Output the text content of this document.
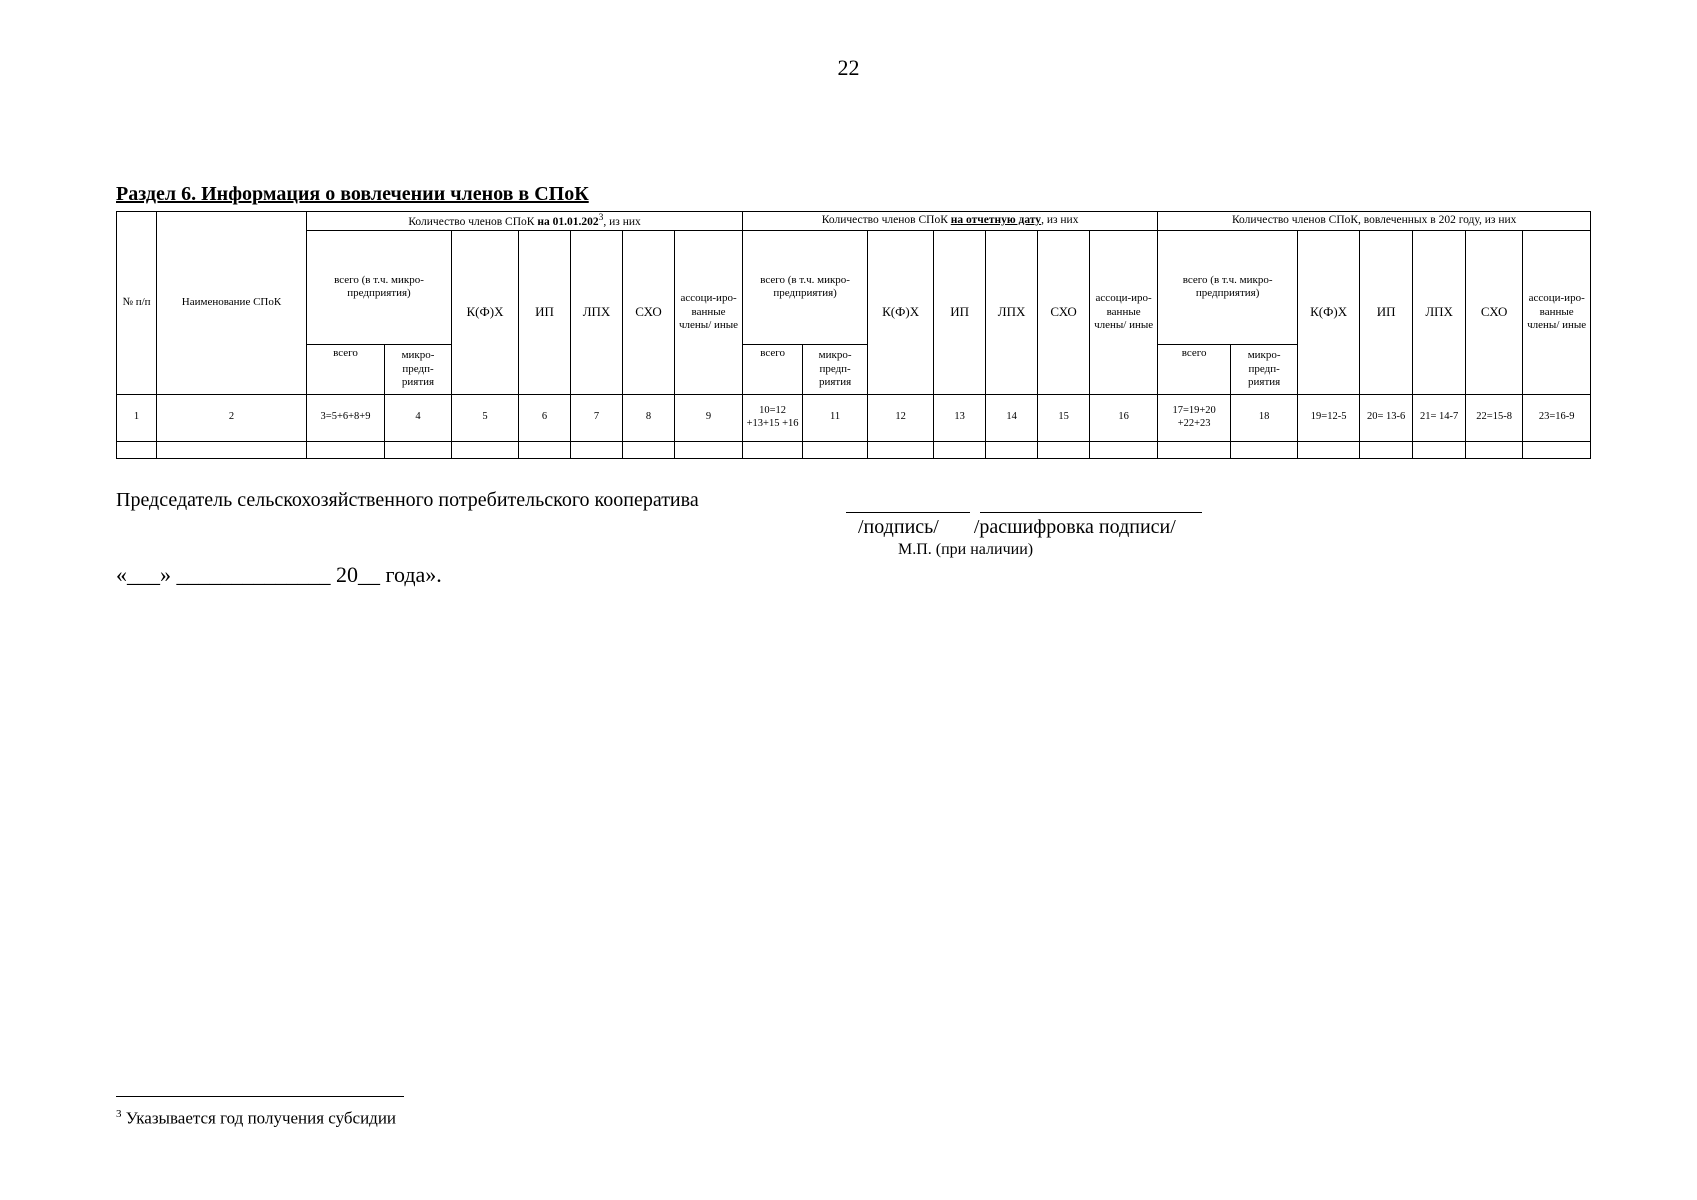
22
Раздел 6. Информация о вовлечении членов в СПоК
№ п/п	Наименование СПоК	Количество членов СПоК на 01.01.202$^3$, из них							Количество членов СПоК на отчетную дату, из них							Количество членов СПоК, вовлеченных в 202 году, из них						
		всего (в т.ч. микро-предприятия)		К(Ф)Х	ИП	ЛПХ	СХО	ассоци-иро-ванные члены/ иные	всего (в т.ч. микро-предприятия)		К(Ф)Х	ИП	ЛПХ	СХО	ассоци-иро-ванные члены/ иные	всего (в т.ч. микро-предприятия)		К(Ф)Х	ИП	ЛПХ	СХО	ассоци-иро-ванные члены/ иные
		всего	микро-предп-риятия						всего	микро-предп-риятия						всего	микро-предп-риятия					
1	2	3=5+6+8+9	4	5	6	7	8	9	10=12 +13+15 +16	11	12	13	14	15	16	17=19+20 +22+23	18	19=12-5	20= 13-6	21= 14-7	22=15-8	23=16-9

Председатель сельскохозяйственного потребительского кооператива
/подпись/ /расшифровка подписи/
М.П. (при наличии)
«___» ______________ 20__ года».
$^3$ Указывается год получения субсидии
